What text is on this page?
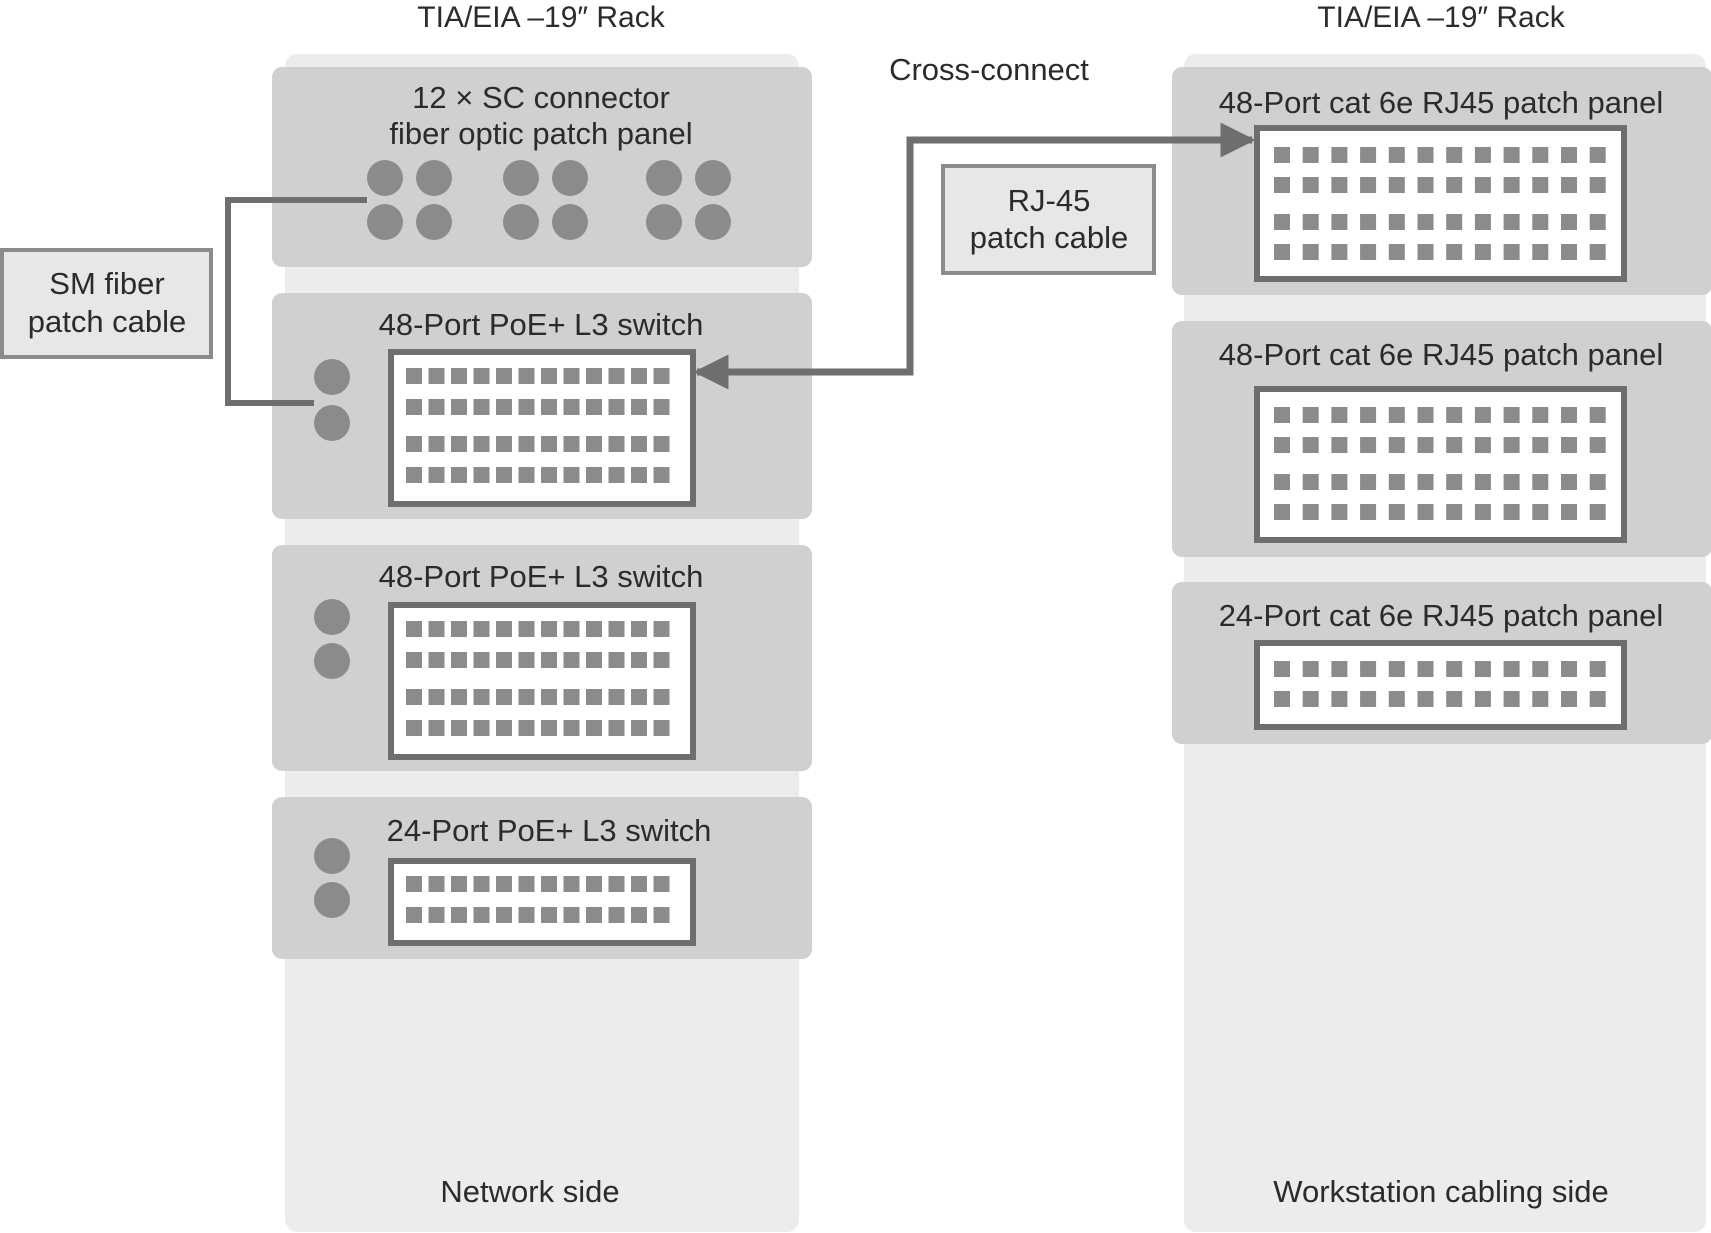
TIA/EIA –19″ Rack	TIA/EIA –19″ Rack
Network side	Workstation cabling side
Cross-connect
12 × SC connector
fiber optic patch panel
48-Port PoE+ L3 switch
48-Port PoE+ L3 switch
24-Port PoE+ L3 switch
48-Port cat 6e RJ45 patch panel
48-Port cat 6e RJ45 patch panel
24-Port cat 6e RJ45 patch panel
SM fiber
patch cable
RJ-45
patch cable
